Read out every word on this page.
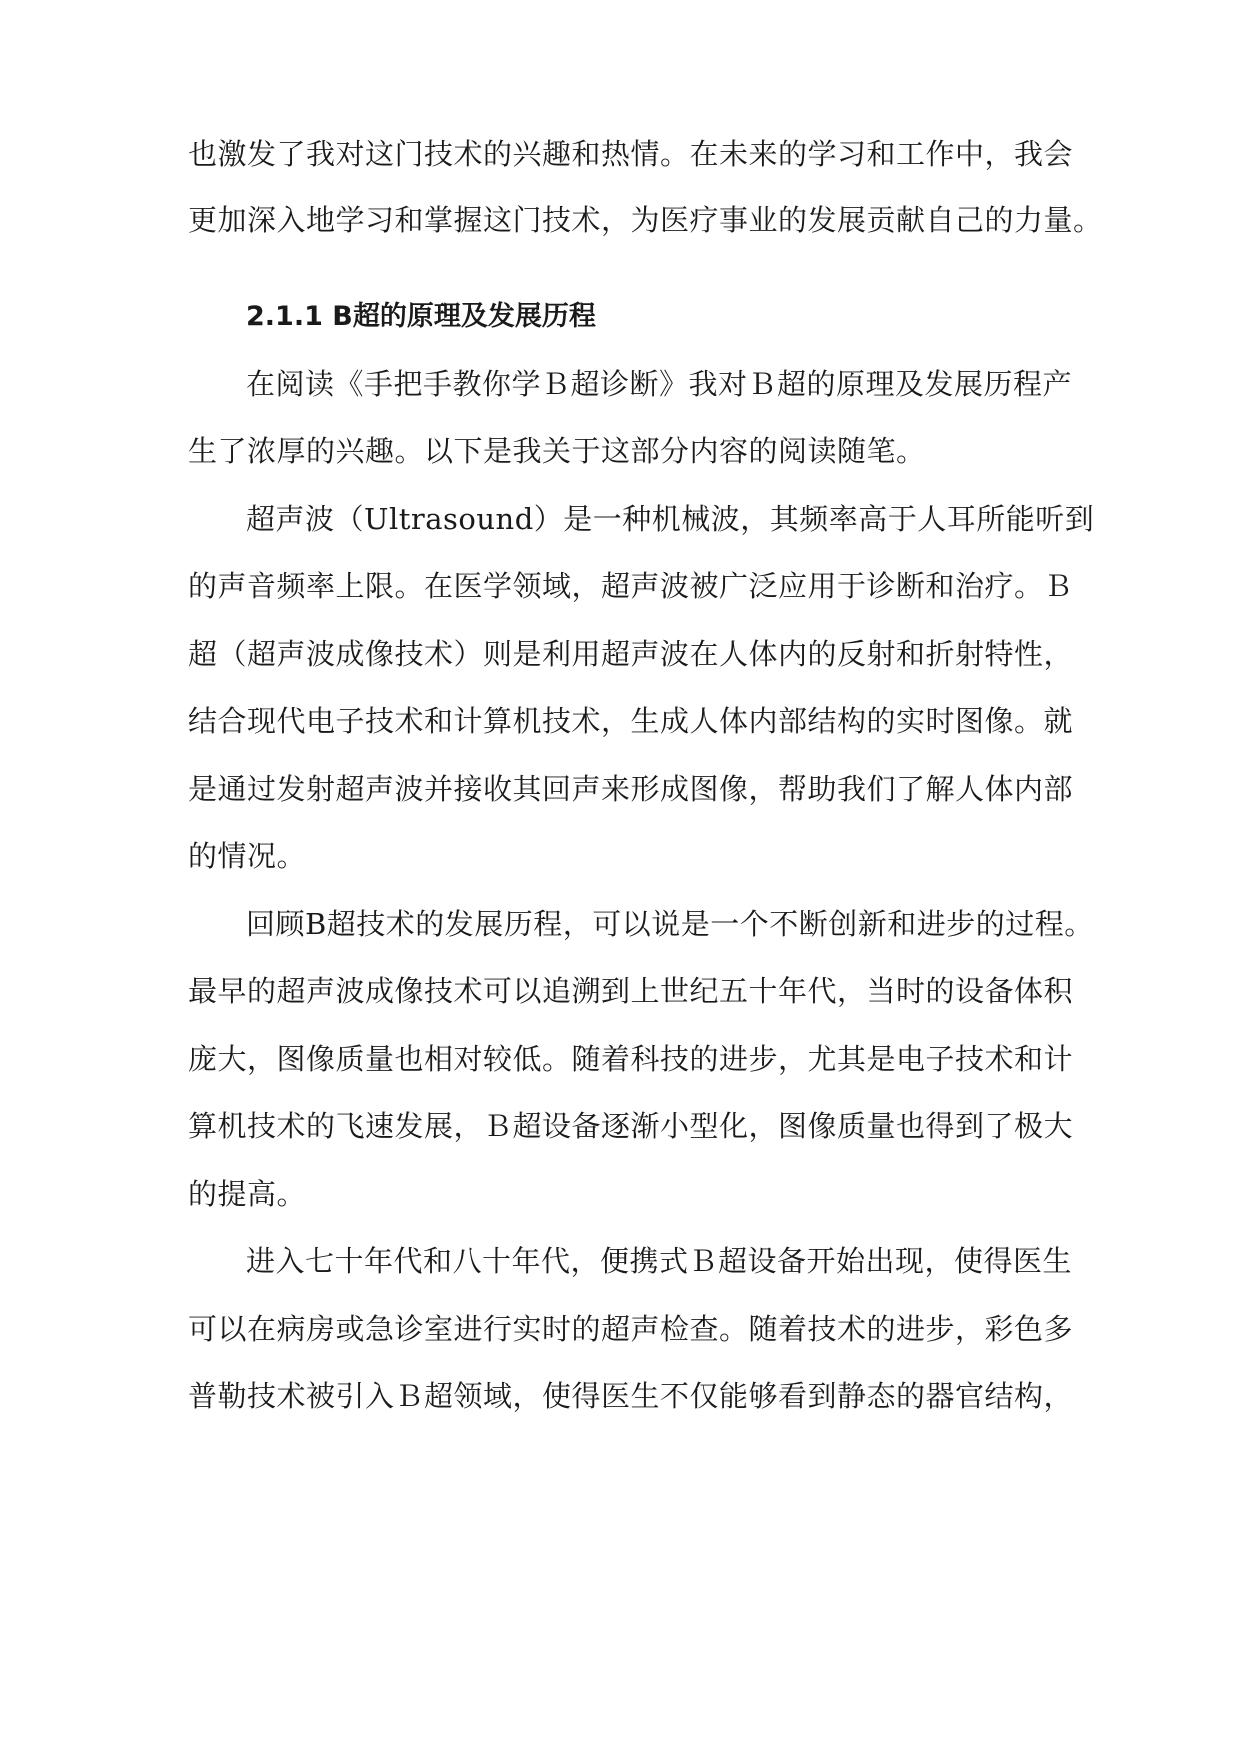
也激发了我对这门技术的兴趣和热情。在未来的学习和工作中，我会
更加深入地学习和掌握这门技术，为医疗事业的发展贡献自己的力量。
2.1.1 B超的原理及发展历程
在阅读《手把手教你学Ｂ超诊断》我对Ｂ超的原理及发展历程产
生了浓厚的兴趣。以下是我关于这部分内容的阅读随笔。
超声波（Ultrasound）是一种机械波，其频率高于人耳所能听到
的声音频率上限。在医学领域，超声波被广泛应用于诊断和治疗。Ｂ
超（超声波成像技术）则是利用超声波在人体内的反射和折射特性，
结合现代电子技术和计算机技术，生成人体内部结构的实时图像。就
是通过发射超声波并接收其回声来形成图像，帮助我们了解人体内部
的情况。
回顾B超技术的发展历程，可以说是一个不断创新和进步的过程。
最早的超声波成像技术可以追溯到上世纪五十年代，当时的设备体积
庞大，图像质量也相对较低。随着科技的进步，尤其是电子技术和计
算机技术的飞速发展，Ｂ超设备逐渐小型化，图像质量也得到了极大
的提高。
进入七十年代和八十年代，便携式Ｂ超设备开始出现，使得医生
可以在病房或急诊室进行实时的超声检查。随着技术的进步，彩色多
普勒技术被引入Ｂ超领域，使得医生不仅能够看到静态的器官结构，
